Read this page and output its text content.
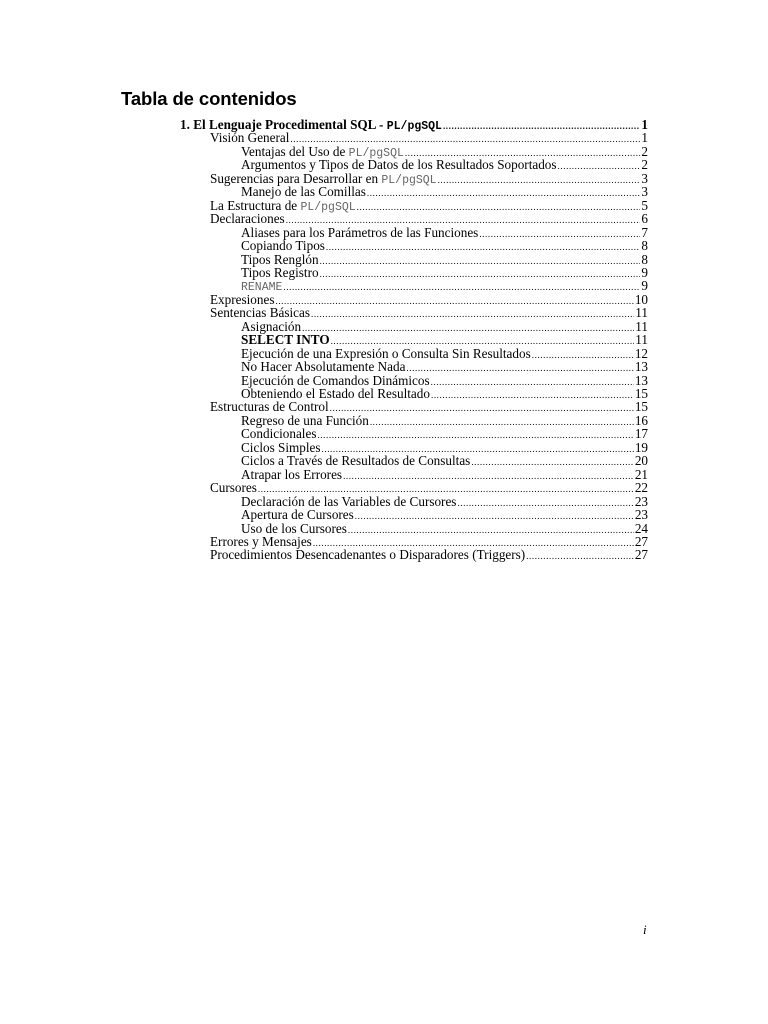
Tabla de contenidos
1. El Lenguaje Procedimental SQL - PL/pgSQL .....	1
Visión General .....	1
Ventajas del Uso de PL/pgSQL .....	2
Argumentos y Tipos de Datos de los Resultados Soportados .....	2
Sugerencias para Desarrollar en PL/pgSQL .....	3
Manejo de las Comillas .....	3
La Estructura de PL/pgSQL .....	5
Declaraciones .....	6
Aliases para los Parámetros de las Funciones .....	7
Copiando Tipos .....	8
Tipos Renglón .....	8
Tipos Registro .....	9
RENAME .....	9
Expresiones .....	10
Sentencias Básicas .....	11
Asignación .....	11
SELECT INTO .....	11
Ejecución de una Expresión o Consulta Sin Resultados .....	12
No Hacer Absolutamente Nada .....	13
Ejecución de Comandos Dinámicos .....	13
Obteniendo el Estado del Resultado .....	15
Estructuras de Control .....	15
Regreso de una Función .....	16
Condicionales .....	17
Ciclos Simples .....	19
Ciclos a Través de Resultados de Consultas .....	20
Atrapar los Errores .....	21
Cursores .....	22
Declaración de las Variables de Cursores .....	23
Apertura de Cursores .....	23
Uso de los Cursores .....	24
Errores y Mensajes .....	27
Procedimientos Desencadenantes o Disparadores (Triggers) .....	27
i
